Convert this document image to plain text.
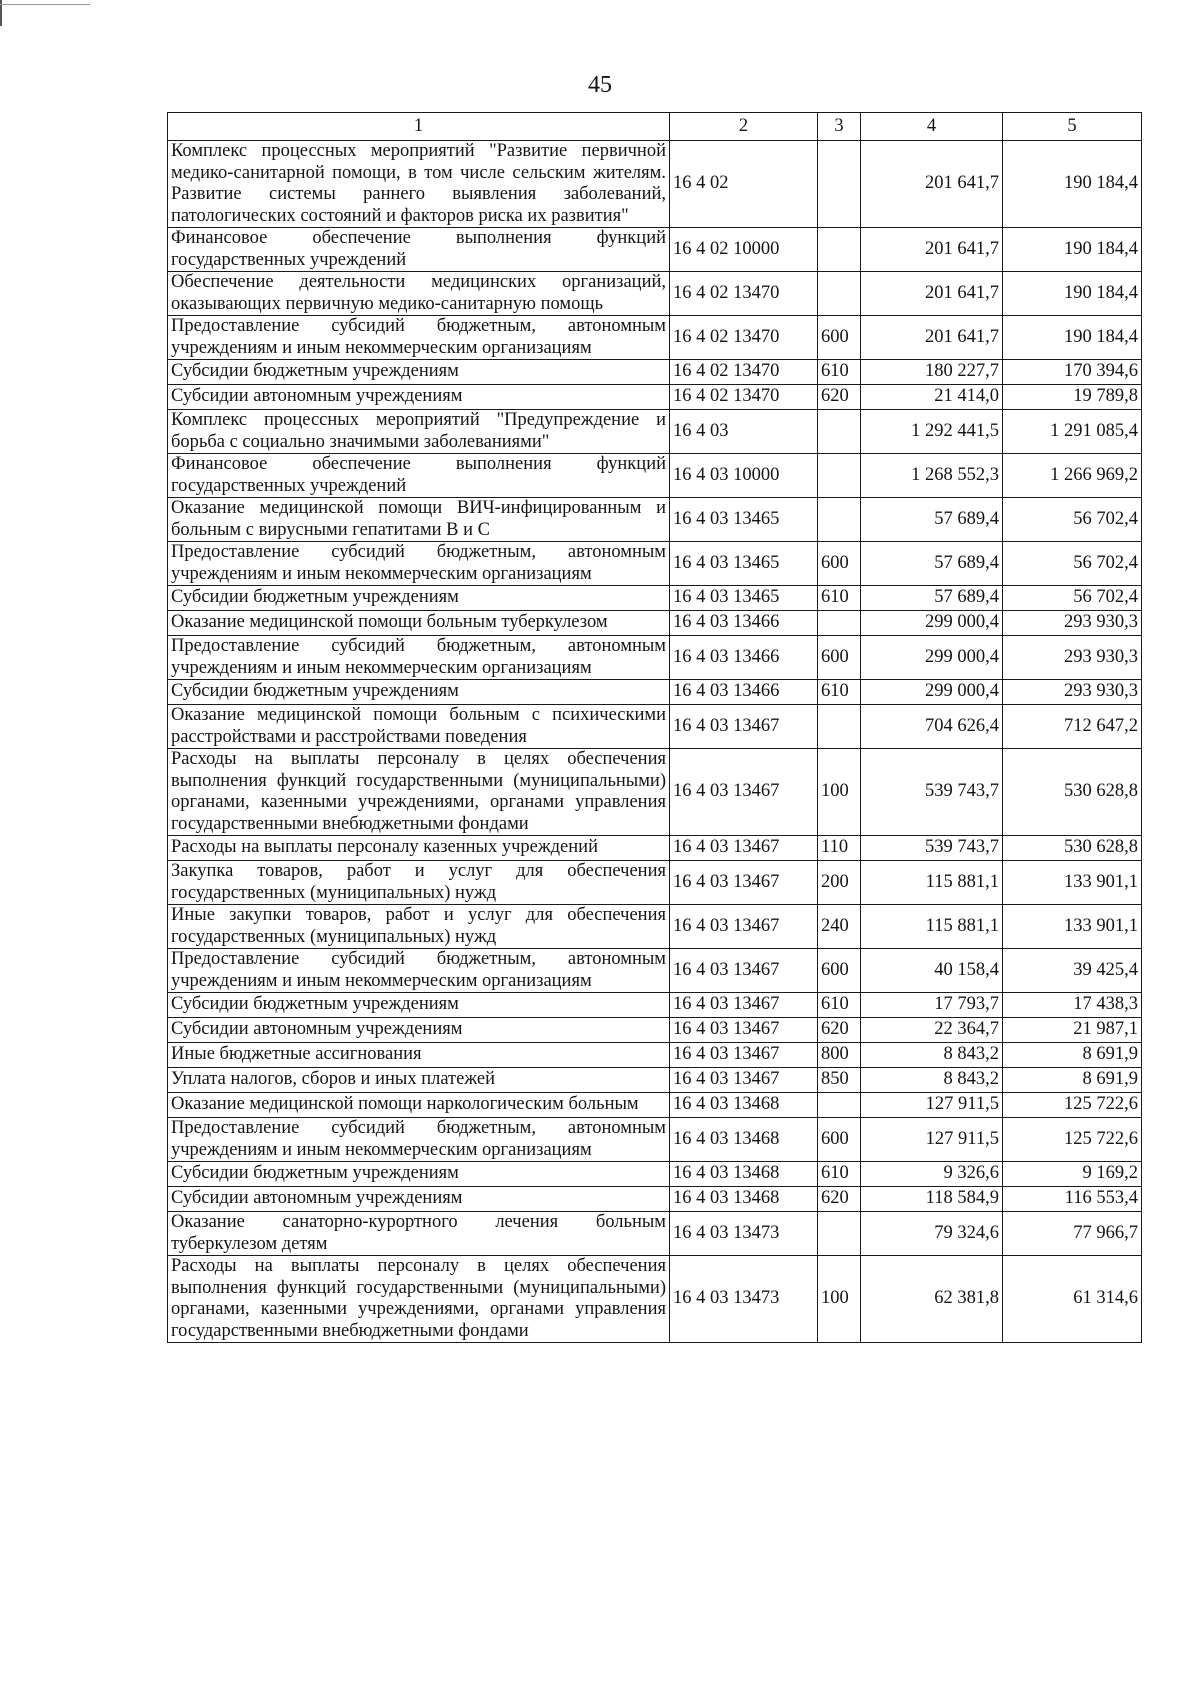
45
1	2	3	4	5
Комплекс процессных мероприятий "Развитие первичной медико-санитарной помощи, в том числе сельским жителям. Развитие системы раннего выявления заболеваний, патологических состояний и факторов риска их развития"	16 4 02		201 641,7	190 184,4
Финансовое обеспечение выполнения функций государственных учреждений	16 4 02 10000		201 641,7	190 184,4
Обеспечение деятельности медицинских организаций, оказывающих первичную медико-санитарную помощь	16 4 02 13470		201 641,7	190 184,4
Предоставление субсидий бюджетным, автономным учреждениям и иным некоммерческим организациям	16 4 02 13470	600	201 641,7	190 184,4
Субсидии бюджетным учреждениям	16 4 02 13470	610	180 227,7	170 394,6
Субсидии автономным учреждениям	16 4 02 13470	620	21 414,0	19 789,8
Комплекс процессных мероприятий "Предупреждение и борьба с социально значимыми заболеваниями"	16 4 03		1 292 441,5	1 291 085,4
Финансовое обеспечение выполнения функций государственных учреждений	16 4 03 10000		1 268 552,3	1 266 969,2
Оказание медицинской помощи ВИЧ-инфицированным и больным с вирусными гепатитами В и С	16 4 03 13465		57 689,4	56 702,4
Предоставление субсидий бюджетным, автономным учреждениям и иным некоммерческим организациям	16 4 03 13465	600	57 689,4	56 702,4
Субсидии бюджетным учреждениям	16 4 03 13465	610	57 689,4	56 702,4
Оказание медицинской помощи больным туберкулезом	16 4 03 13466		299 000,4	293 930,3
Предоставление субсидий бюджетным, автономным учреждениям и иным некоммерческим организациям	16 4 03 13466	600	299 000,4	293 930,3
Субсидии бюджетным учреждениям	16 4 03 13466	610	299 000,4	293 930,3
Оказание медицинской помощи больным с психическими расстройствами и расстройствами поведения	16 4 03 13467		704 626,4	712 647,2
Расходы на выплаты персоналу в целях обеспечения выполнения функций государственными (муниципальными) органами, казенными учреждениями, органами управления государственными внебюджетными фондами	16 4 03 13467	100	539 743,7	530 628,8
Расходы на выплаты персоналу казенных учреждений	16 4 03 13467	110	539 743,7	530 628,8
Закупка товаров, работ и услуг для обеспечения государственных (муниципальных) нужд	16 4 03 13467	200	115 881,1	133 901,1
Иные закупки товаров, работ и услуг для обеспечения государственных (муниципальных) нужд	16 4 03 13467	240	115 881,1	133 901,1
Предоставление субсидий бюджетным, автономным учреждениям и иным некоммерческим организациям	16 4 03 13467	600	40 158,4	39 425,4
Субсидии бюджетным учреждениям	16 4 03 13467	610	17 793,7	17 438,3
Субсидии автономным учреждениям	16 4 03 13467	620	22 364,7	21 987,1
Иные бюджетные ассигнования	16 4 03 13467	800	8 843,2	8 691,9
Уплата налогов, сборов и иных платежей	16 4 03 13467	850	8 843,2	8 691,9
Оказание медицинской помощи наркологическим больным	16 4 03 13468		127 911,5	125 722,6
Предоставление субсидий бюджетным, автономным учреждениям и иным некоммерческим организациям	16 4 03 13468	600	127 911,5	125 722,6
Субсидии бюджетным учреждениям	16 4 03 13468	610	9 326,6	9 169,2
Субсидии автономным учреждениям	16 4 03 13468	620	118 584,9	116 553,4
Оказание санаторно-курортного лечения больным туберкулезом детям	16 4 03 13473		79 324,6	77 966,7
Расходы на выплаты персоналу в целях обеспечения выполнения функций государственными (муниципальными) органами, казенными учреждениями, органами управления государственными внебюджетными фондами	16 4 03 13473	100	62 381,8	61 314,6
